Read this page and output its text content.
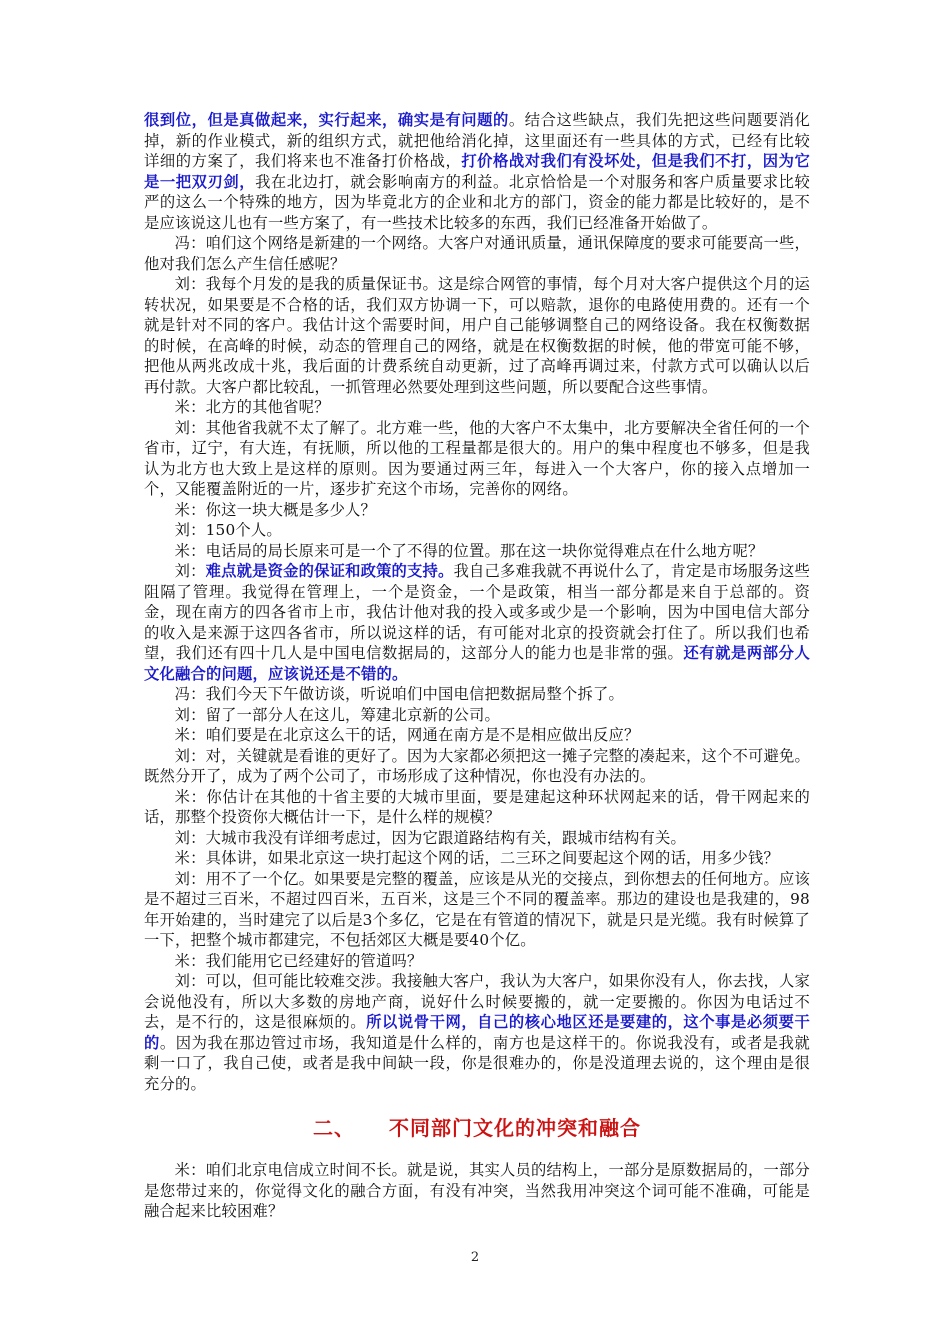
很到位，但是真做起来，实行起来，确实是有问题的。结合这些缺点，我们先把这些问题要消化掉，新的作业模式，新的组织方式，就把他给消化掉，这里面还有一些具体的方式，已经有比较详细的方案了，我们将来也不准备打价格战，打价格战对我们有没坏处，但是我们不打，因为它是一把双刃剑，我在北边打，就会影响南方的利益。北京恰恰是一个对服务和客户质量要求比较严的这么一个特殊的地方，因为毕竟北方的企业和北方的部门，资金的能力都是比较好的，是不是应该说这儿也有一些方案了，有一些技术比较多的东西，我们已经准备开始做了。

冯：咱们这个网络是新建的一个网络。大客户对通讯质量，通讯保障度的要求可能要高一些，他对我们怎么产生信任感呢？

刘：我每个月发的是我的质量保证书。这是综合网管的事情，每个月对大客户提供这个月的运转状况，如果要是不合格的话，我们双方协调一下，可以赔款，退你的电路使用费的。还有一个就是针对不同的客户。我估计这个需要时间，用户自己能够调整自己的网络设备。我在权衡数据的时候，在高峰的时候，动态的管理自己的网络，就是在权衡数据的时候，他的带宽可能不够，把他从两兆改成十兆，我后面的计费系统自动更新，过了高峰再调过来，付款方式可以确认以后再付款。大客户都比较乱，一抓管理必然要处理到这些问题，所以要配合这些事情。

米：北方的其他省呢？

刘：其他省我就不太了解了。北方难一些，他的大客户不太集中，北方要解决全省任何的一个省市，辽宁，有大连，有抚顺，所以他的工程量都是很大的。用户的集中程度也不够多，但是我认为北方也大致上是这样的原则。因为要通过两三年，每进入一个大客户，你的接入点增加一个，又能覆盖附近的一片，逐步扩充这个市场，完善你的网络。

米：你这一块大概是多少人？

刘：150个人。

米：电话局的局长原来可是一个了不得的位置。那在这一块你觉得难点在什么地方呢？

刘：难点就是资金的保证和政策的支持。我自己多难我就不再说什么了，肯定是市场服务这些阻隔了管理。我觉得在管理上，一个是资金，一个是政策，相当一部分都是来自于总部的。资金，现在南方的四各省市上市，我估计他对我的投入或多或少是一个影响，因为中国电信大部分的收入是来源于这四各省市，所以说这样的话，有可能对北京的投资就会打住了。所以我们也希望，我们还有四十几人是中国电信数据局的，这部分人的能力也是非常的强。还有就是两部分人文化融合的问题，应该说还是不错的。

冯：我们今天下午做访谈，听说咱们中国电信把数据局整个拆了。

刘：留了一部分人在这儿，筹建北京新的公司。

米：咱们要是在北京这么干的话，网通在南方是不是相应做出反应？

刘：对，关键就是看谁的更好了。因为大家都必须把这一摊子完整的凑起来，这个不可避免。既然分开了，成为了两个公司了，市场形成了这种情况，你也没有办法的。

米：你估计在其他的十省主要的大城市里面，要是建起这种环状网起来的话，骨干网起来的话，那整个投资你大概估计一下，是什么样的规模？

刘：大城市我没有详细考虑过，因为它跟道路结构有关，跟城市结构有关。

米：具体讲，如果北京这一块打起这个网的话，二三环之间要起这个网的话，用多少钱？

刘：用不了一个亿。如果要是完整的覆盖，应该是从光的交接点，到你想去的任何地方。应该是不超过三百米，不超过四百米，五百米，这是三个不同的覆盖率。那边的建设也是我建的，98年开始建的，当时建完了以后是3个多亿，它是在有管道的情况下，就是只是光缆。我有时候算了一下，把整个城市都建完，不包括郊区大概是要40个亿。

米：我们能用它已经建好的管道吗？

刘：可以，但可能比较难交涉。我接触大客户，我认为大客户，如果你没有人，你去找，人家会说他没有，所以大多数的房地产商，说好什么时候要搬的，就一定要搬的。你因为电话过不去，是不行的，这是很麻烦的。所以说骨干网，自己的核心地区还是要建的，这个事是必须要干的。因为我在那边管过市场，我知道是什么样的，南方也是这样干的。你说我没有，或者是我就剩一口了，我自己使，或者是我中间缺一段，你是很难办的，你是没道理去说的，这个理由是很充分的。

二、 不同部门文化的冲突和融合

米：咱们北京电信成立时间不长。就是说，其实人员的结构上，一部分是原数据局的，一部分是您带过来的，你觉得文化的融合方面，有没有冲突，当然我用冲突这个词可能不准确，可能是融合起来比较困难？

2
